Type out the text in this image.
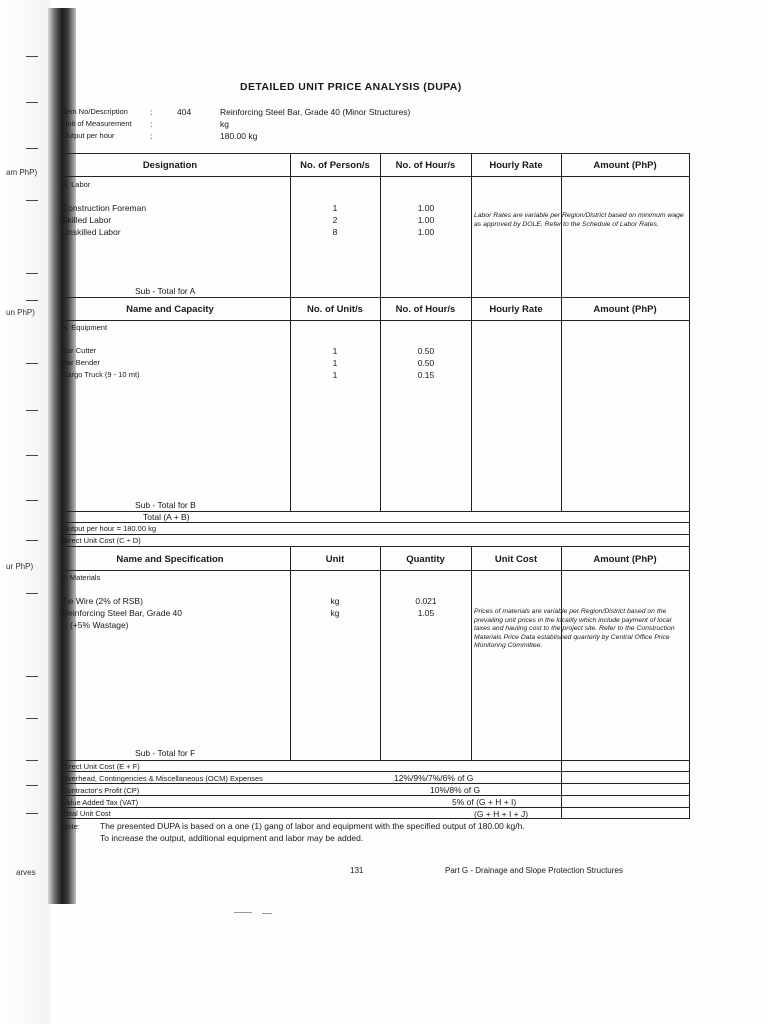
am PhP)
un PhP)
ur PhP)
arves
DETAILED UNIT PRICE ANALYSIS (DUPA)
Item No/Description	:	404	Reinforcing Steel Bar, Grade 40 (Minor Structures)
Unit of Measurement :	kg
Output per hour	:	180.00 kg
Designation	No. of Person/s	No. of Hour/s	Hourly Rate	Amount (PhP)
A. Labor
Construction Foreman	1	1.00
Skilled Labor	2	1.00
Unskilled Labor	8	1.00
Labor Rates are variable per Region/District based on minimum wage as approved by DOLE. Refer to the Schedule of Labor Rates.
Sub - Total for A
Name and Capacity	No. of Unit/s	No. of Hour/s	Hourly Rate	Amount (PhP)
B. Equipment
Bar Cutter	1	0.50
Bar Bender	1	0.50
Cargo Truck (9 - 10 mt)	1	0.15
Sub - Total for B
Total (A + B)
Output per hour = 180.00 kg
Direct Unit Cost (C ÷ D)
Name and Specification	Unit	Quantity	Unit Cost	Amount (PhP)
F. Materials
Tie Wire (2% of RSB)	kg	0.021
Reinforcing Steel Bar, Grade 40	kg	1.05
(+5% Wastage)
Prices of materials are variable per Region/District based on the prevailing unit prices in the locality which include payment of local taxes and hauling cost to the project site. Refer to the Construction Materials Price Data established quarterly by Central Office Price Monitoring Committee.
Sub - Total for F
Direct Unit Cost (E + F)
Overhead, Contingencies & Miscellaneous (OCM) Expenses	12%/9%/7%/6% of G
Contractor's Profit (CP)	10%/8% of G
Value Added Tax (VAT)	5% of (G + H + I)
Total Unit Cost	(G + H + I + J)
Note: The presented DUPA is based on a one (1) gang of labor and equipment with the specified output of 180.00 kg/h.
To increase the output, additional equipment and labor may be added.
131	Part G - Drainage and Slope Protection Structures
